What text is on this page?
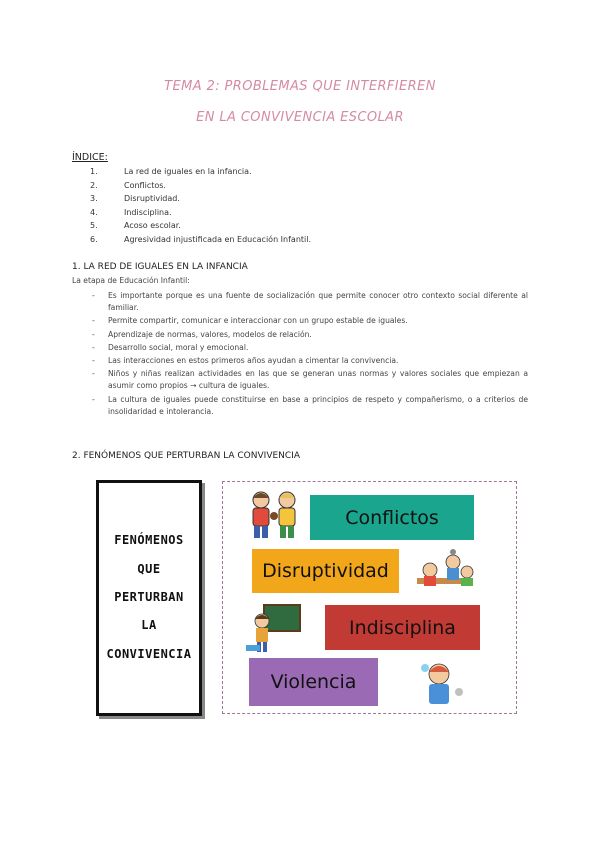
TEMA 2: PROBLEMAS QUE INTERFIEREN
EN LA CONVIVENCIA ESCOLAR
ÍNDICE:
1.	La red de iguales en la infancia.
2.	Conflictos.
3.	Disruptividad.
4.	Indisciplina.
5.	Acoso escolar.
6.	Agresividad injustificada en Educación Infantil.
1. LA RED DE IGUALES EN LA INFANCIA
La etapa de Educación Infantil:
- Es importante porque es una fuente de socialización que permite conocer otro contexto social diferente al familiar.
- Permite compartir, comunicar e interaccionar con un grupo estable de iguales.
- Aprendizaje de normas, valores, modelos de relación.
- Desarrollo social, moral y emocional.
- Las interacciones en estos primeros años ayudan a cimentar la convivencia.
- Niños y niñas realizan actividades en las que se generan unas normas y valores sociales que empiezan a asumir como propios → cultura de iguales.
- La cultura de iguales puede constituirse en base a principios de respeto y compañerismo, o a criterios de insolidaridad e intolerancia.
2. FENÓMENOS QUE PERTURBAN LA CONVIVENCIA
FENÓMENOS
QUE
PERTURBAN
LA
CONVIVENCIA
Conflictos
Disruptividad
Indisciplina
Violencia
